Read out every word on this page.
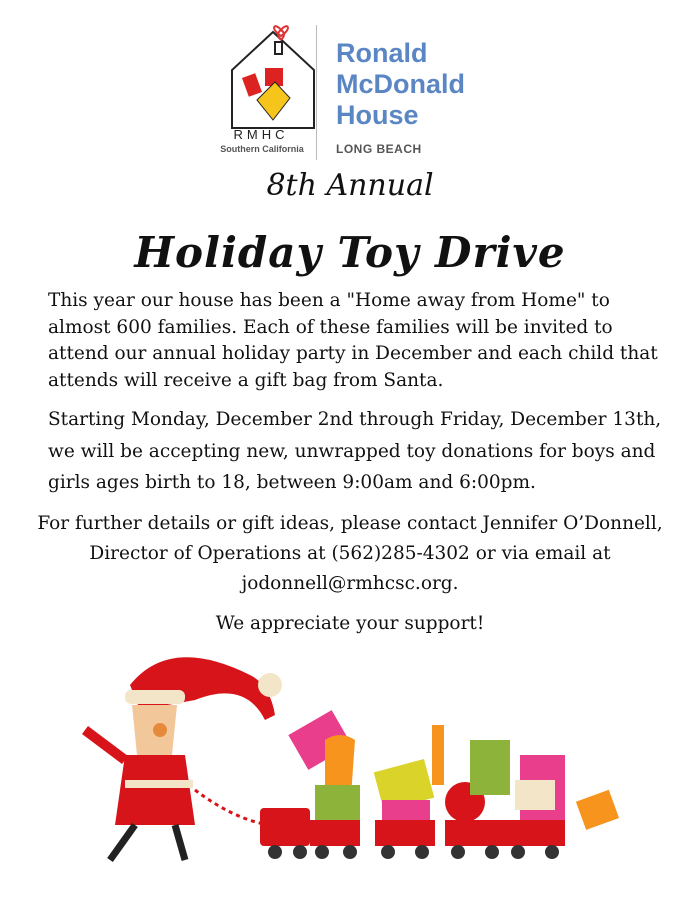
RMHC
Southern California
Ronald
McDonald
House
LONG BEACH
8th Annual
Holiday Toy Drive
This year our house has been a "Home away from Home" to almost 600 families. Each of these families will be invited to attend our annual holiday party in December and each child that attends will receive a gift bag from Santa.
Starting Monday, December 2nd through Friday, December 13th, we will be accepting new, unwrapped toy donations for boys and girls ages birth to 18, between 9:00am and 6:00pm.
For further details or gift ideas, please contact Jennifer O’Donnell, Director of Operations at (562)285-4302 or via email at jodonnell@rmhcsc.org.
We appreciate your support!
